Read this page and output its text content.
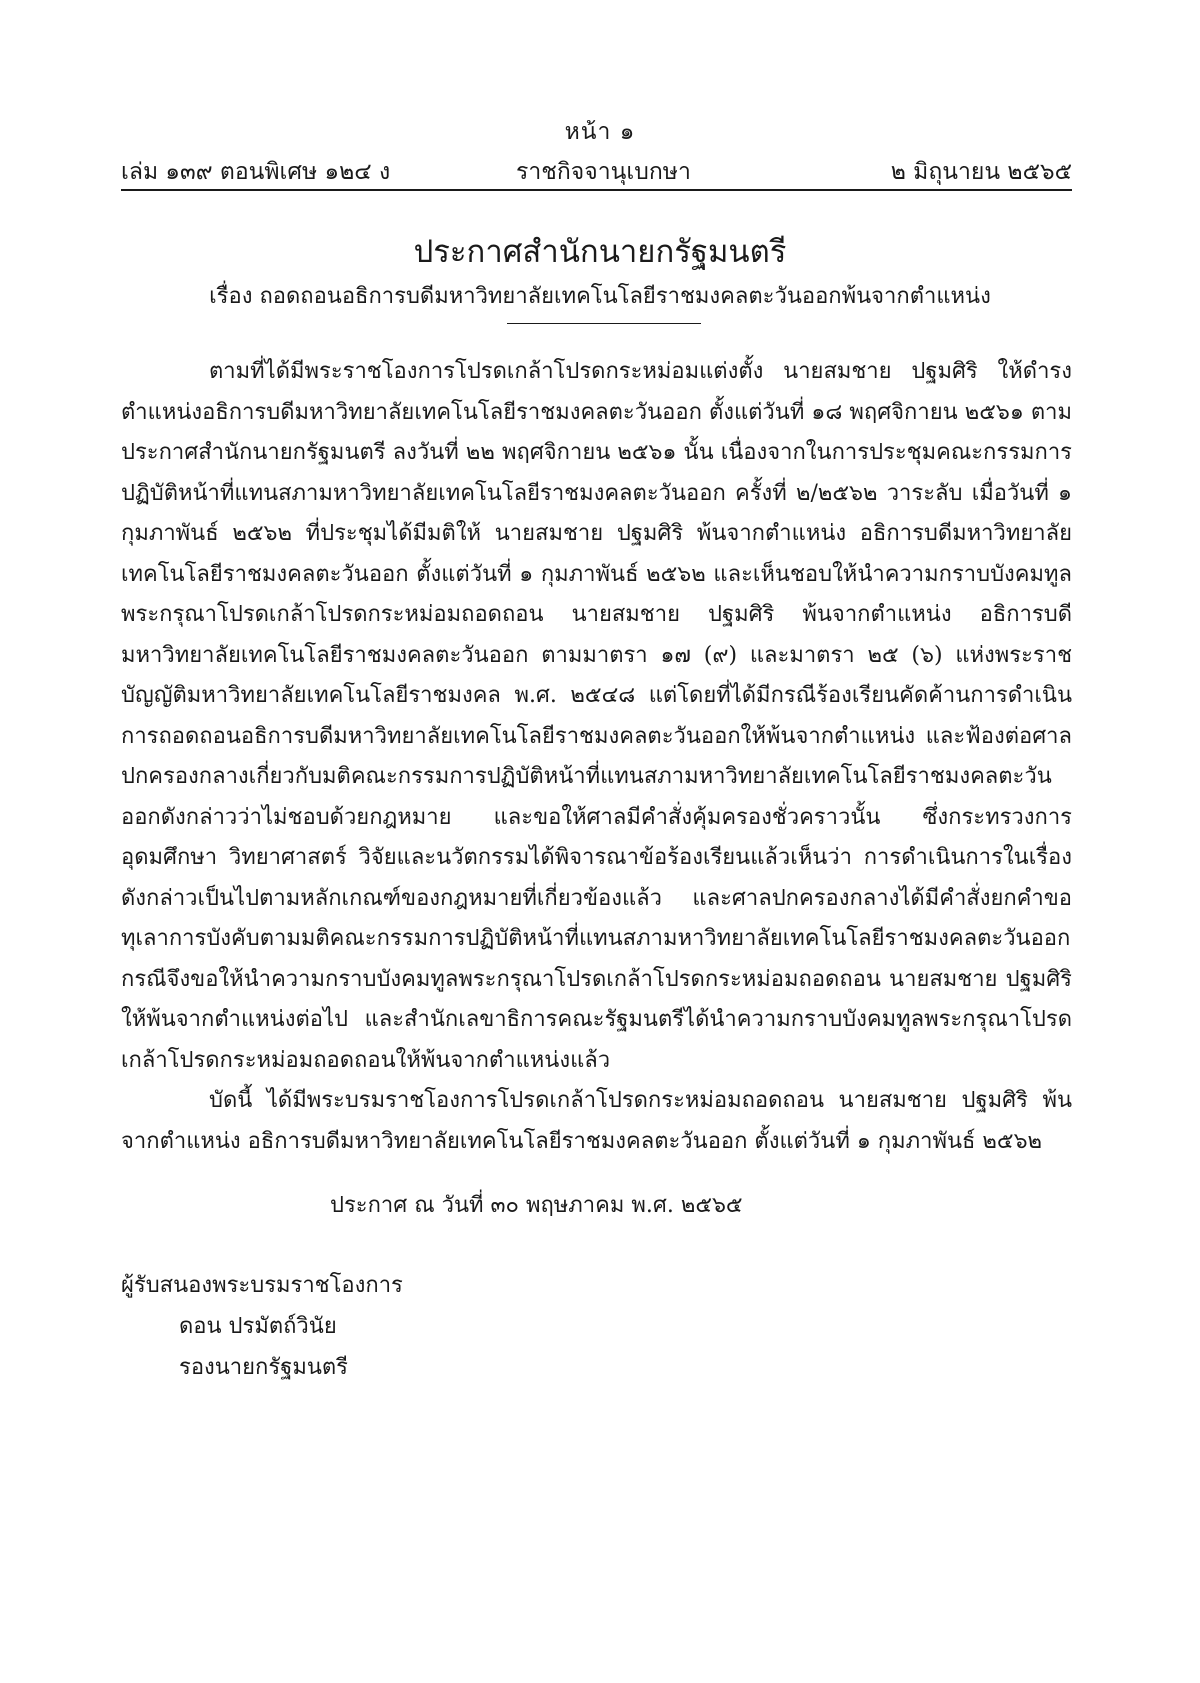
หน้า ๑
เล่ม ๑๓๙ ตอนพิเศษ ๑๒๔ ง	ราชกิจจานุเบกษา	๒ มิถุนายน ๒๕๖๕
ประกาศสำนักนายกรัฐมนตรี
เรื่อง ถอดถอนอธิการบดีมหาวิทยาลัยเทคโนโลยีราชมงคลตะวันออกพ้นจากตำแหน่ง

ตามที่ได้มีพระราชโองการโปรดเกล้าโปรดกระหม่อมแต่งตั้ง นายสมชาย ปฐมศิริ ให้ดำรงตำแหน่งอธิการบดีมหาวิทยาลัยเทคโนโลยีราชมงคลตะวันออก ตั้งแต่วันที่ ๑๘ พฤศจิกายน ๒๕๖๑ ตามประกาศสำนักนายกรัฐมนตรี ลงวันที่ ๒๒ พฤศจิกายน ๒๕๖๑ นั้น เนื่องจากในการประชุมคณะกรรมการปฏิบัติหน้าที่แทนสภามหาวิทยาลัยเทคโนโลยีราชมงคลตะวันออก ครั้งที่ ๒/๒๕๖๒ วาระลับ เมื่อวันที่ ๑ กุมภาพันธ์ ๒๕๖๒ ที่ประชุมได้มีมติให้ นายสมชาย ปฐมศิริ พ้นจากตำแหน่ง อธิการบดีมหาวิทยาลัยเทคโนโลยีราชมงคลตะวันออก ตั้งแต่วันที่ ๑ กุมภาพันธ์ ๒๕๖๒ และเห็นชอบให้นำความกราบบังคมทูลพระกรุณาโปรดเกล้าโปรดกระหม่อมถอดถอน นายสมชาย ปฐมศิริ พ้นจากตำแหน่ง อธิการบดีมหาวิทยาลัยเทคโนโลยีราชมงคลตะวันออก ตามมาตรา ๑๗ (๙) และมาตรา ๒๕ (๖) แห่งพระราชบัญญัติมหาวิทยาลัยเทคโนโลยีราชมงคล พ.ศ. ๒๕๔๘ แต่โดยที่ได้มีกรณีร้องเรียนคัดค้านการดำเนินการถอดถอนอธิการบดีมหาวิทยาลัยเทคโนโลยีราชมงคลตะวันออกให้พ้นจากตำแหน่ง และฟ้องต่อศาลปกครองกลางเกี่ยวกับมติคณะกรรมการปฏิบัติหน้าที่แทนสภามหาวิทยาลัยเทคโนโลยีราชมงคลตะวันออกดังกล่าวว่าไม่ชอบด้วยกฎหมาย และขอให้ศาลมีคำสั่งคุ้มครองชั่วคราวนั้น ซึ่งกระทรวงการอุดมศึกษา วิทยาศาสตร์ วิจัยและนวัตกรรมได้พิจารณาข้อร้องเรียนแล้วเห็นว่า การดำเนินการในเรื่องดังกล่าวเป็นไปตามหลักเกณฑ์ของกฎหมายที่เกี่ยวข้องแล้ว และศาลปกครองกลางได้มีคำสั่งยกคำขอทุเลาการบังคับตามมติคณะกรรมการปฏิบัติหน้าที่แทนสภามหาวิทยาลัยเทคโนโลยีราชมงคลตะวันออก กรณีจึงขอให้นำความกราบบังคมทูลพระกรุณาโปรดเกล้าโปรดกระหม่อมถอดถอน นายสมชาย ปฐมศิริ ให้พ้นจากตำแหน่งต่อไป และสำนักเลขาธิการคณะรัฐมนตรีได้นำความกราบบังคมทูลพระกรุณาโปรดเกล้าโปรดกระหม่อมถอดถอนให้พ้นจากตำแหน่งแล้ว

บัดนี้ ได้มีพระบรมราชโองการโปรดเกล้าโปรดกระหม่อมถอดถอน นายสมชาย ปฐมศิริ พ้นจากตำแหน่ง อธิการบดีมหาวิทยาลัยเทคโนโลยีราชมงคลตะวันออก ตั้งแต่วันที่ ๑ กุมภาพันธ์ ๒๕๖๒

ประกาศ ณ วันที่ ๓๐ พฤษภาคม พ.ศ. ๒๕๖๕
ผู้รับสนองพระบรมราชโองการ
ดอน ปรมัตถ์วินัย
รองนายกรัฐมนตรี
